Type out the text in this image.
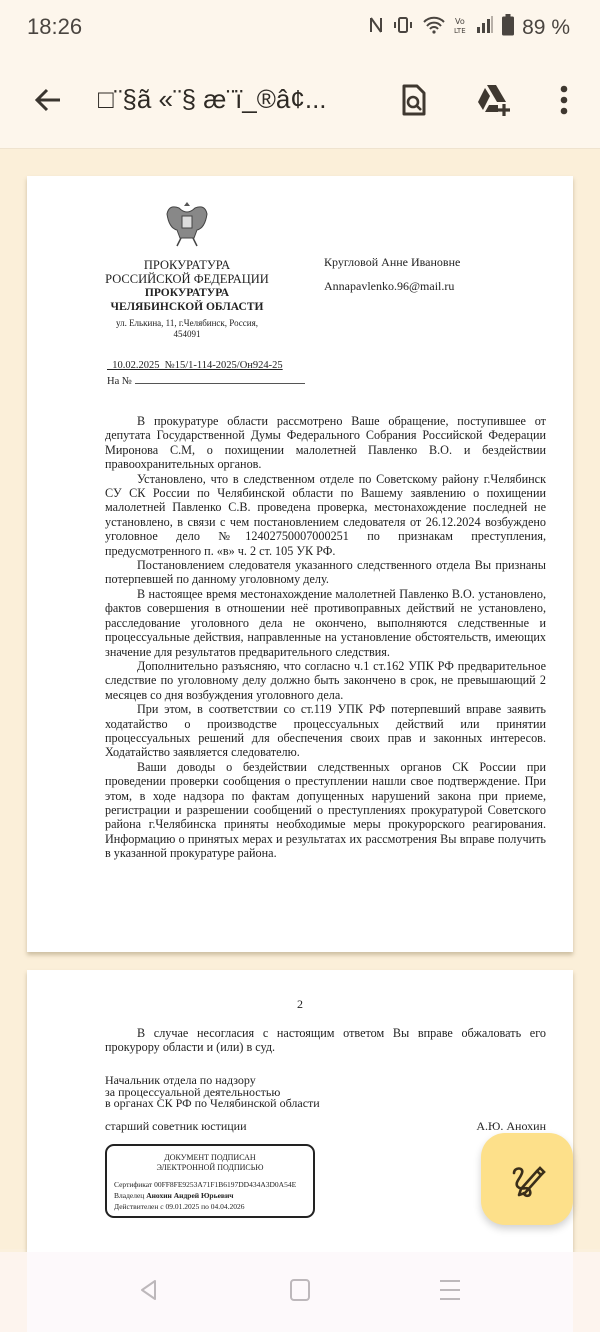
18:26	Vo
LTE	89 %
□¨§ã «¨§ æ¨ï_®â¢...
ПРОКУРАТУРА
РОССИЙСКОЙ ФЕДЕРАЦИИ
ПРОКУРАТУРА
ЧЕЛЯБИНСКОЙ ОБЛАСТИ
ул. Елькина, 11, г.Челябинск, Россия,
454091
Кругловой Анне Ивановне
Annapavlenko.96@mail.ru
10.02.2025  №15/1-114-2025/Он924-25
На №

В прокуратуре области рассмотрено Ваше обращение, поступившее от депутата Государственной Думы Федерального Собрания Российской Федерации Миронова С.М, о похищении малолетней Павленко В.О. и бездействии правоохранительных органов.

Установлено, что в следственном отделе по Советскому району г.Челябинск СУ СК России по Челябинской области по Вашему заявлению о похищении малолетней Павленко С.В. проведена проверка, местонахождение последней не установлено, в связи с чем постановлением следователя от 26.12.2024 возбуждено уголовное дело №12402750007000251 по признакам преступления, предусмотренного п. «в» ч. 2 ст. 105 УК РФ.

Постановлением следователя указанного следственного отдела Вы признаны потерпевшей по данному уголовному делу.

В настоящее время местонахождение малолетней Павленко В.О. установлено, фактов совершения в отношении неё противоправных действий не установлено, расследование уголовного дела не окончено, выполняются следственные и процессуальные действия, направленные на установление обстоятельств, имеющих значение для результатов предварительного следствия.

Дополнительно разъясняю, что согласно ч.1 ст.162 УПК РФ предварительное следствие по уголовному делу должно быть закончено в срок, не превышающий 2 месяцев со дня возбуждения уголовного дела.

При этом, в соответствии со ст.119 УПК РФ потерпевший вправе заявить ходатайство о производстве процессуальных действий или принятии процессуальных решений для обеспечения своих прав и законных интересов. Ходатайство заявляется следователю.

Ваши доводы о бездействии следственных органов СК России при проведении проверки сообщения о преступлении нашли свое подтверждение. При этом, в ходе надзора по фактам допущенных нарушений закона при приеме, регистрации и разрешении сообщений о преступлениях прокуратурой Советского района г.Челябинска приняты необходимые меры прокурорского реагирования. Информацию о принятых мерах и результатах их рассмотрения Вы вправе получить в указанной прокуратуре района.

2

В случае несогласия с настоящим ответом Вы вправе обжаловать его прокурору области и (или) в суд.

Начальник отдела по надзору
за процессуальной деятельностью
в органах СК РФ по Челябинской области
старший советник юстиции	А.Ю. Анохин
ДОКУМЕНТ ПОДПИСАН
ЭЛЕКТРОННОЙ ПОДПИСЬЮ
Сертификат 00FF8FE9253A71F1B6197DD434A3D0A54E
Владелец Анохин Андрей Юрьевич
Действителен с 09.01.2025 по 04.04.2026
